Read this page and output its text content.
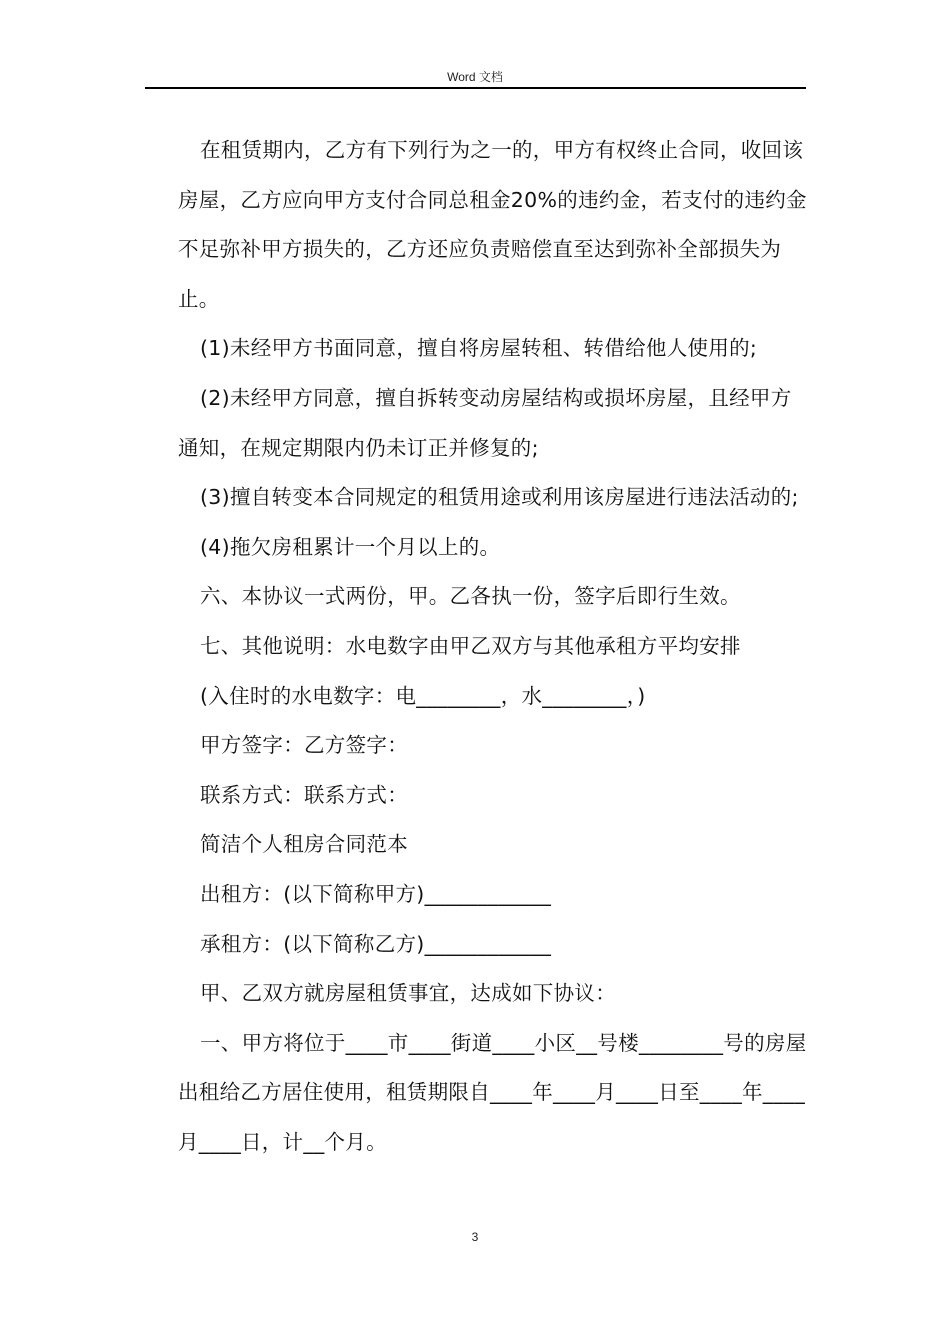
Word 文档

在租赁期内，乙方有下列行为之一的，甲方有权终止合同，收回该房屋，乙方应向甲方支付合同总租金20%的违约金，若支付的违约金不足弥补甲方损失的，乙方还应负责赔偿直至达到弥补全部损失为止。

(1)未经甲方书面同意，擅自将房屋转租、转借给他人使用的;

(2)未经甲方同意，擅自拆转变动房屋结构或损坏房屋，且经甲方通知，在规定期限内仍未订正并修复的;

(3)擅自转变本合同规定的租赁用途或利用该房屋进行违法活动的;

(4)拖欠房租累计一个月以上的。

六、本协议一式两份，甲。乙各执一份，签字后即行生效。

七、其他说明：水电数字由甲乙双方与其他承租方平均安排

(入住时的水电数字：电________，水________，)

甲方签字：乙方签字：

联系方式：联系方式：

简洁个人租房合同范本

出租方：(以下简称甲方)____________

承租方：(以下简称乙方)____________

甲、乙双方就房屋租赁事宜，达成如下协议：

一、甲方将位于____市____街道____小区__号楼________号的房屋出租给乙方居住使用，租赁期限自____年____月____日至____年____月____日，计__个月。

3
